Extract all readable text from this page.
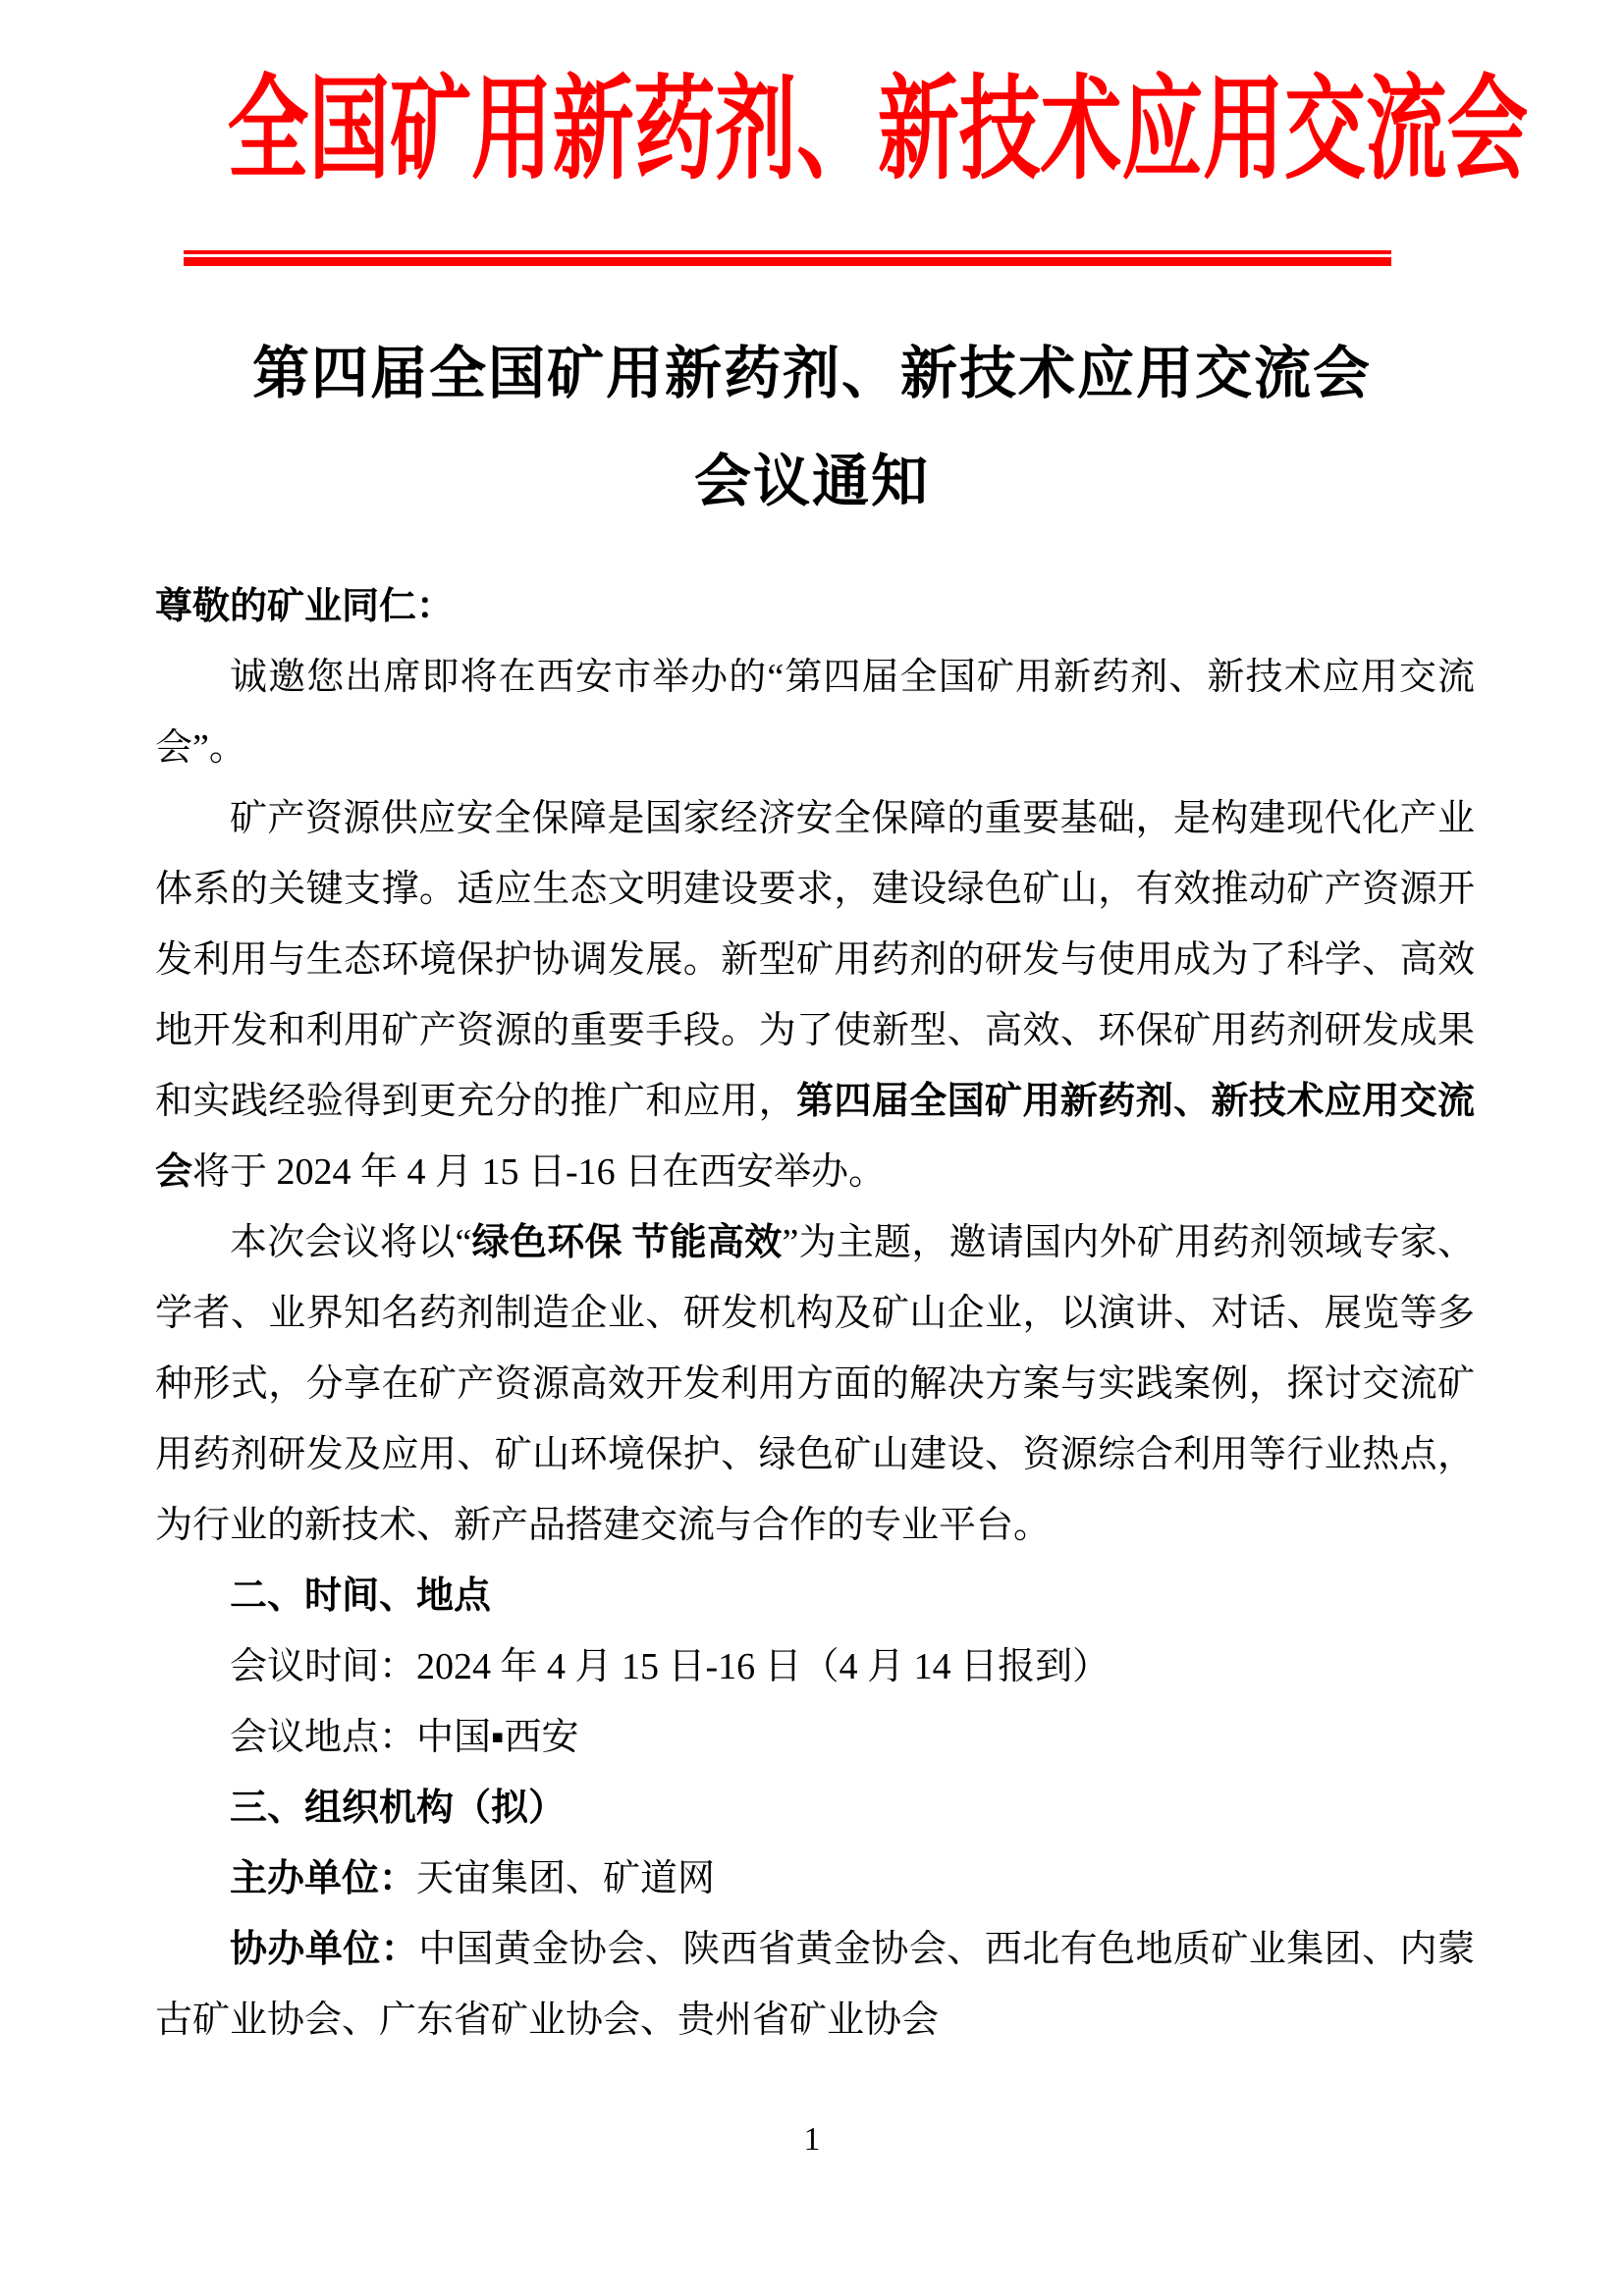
全国矿用新药剂、新技术应用交流会
第四届全国矿用新药剂、新技术应用交流会
会议通知

尊敬的矿业同仁：

诚邀您出席即将在西安市举办的“第四届全国矿用新药剂、新技术应用交流会”。

矿产资源供应安全保障是国家经济安全保障的重要基础，是构建现代化产业体系的关键支撑。适应生态文明建设要求，建设绿色矿山，有效推动矿产资源开发利用与生态环境保护协调发展。新型矿用药剂的研发与使用成为了科学、高效地开发和利用矿产资源的重要手段。为了使新型、高效、环保矿用药剂研发成果和实践经验得到更充分的推广和应用，第四届全国矿用新药剂、新技术应用交流会将于 2024 年 4 月 15 日-16 日在西安举办。

本次会议将以“绿色环保 节能高效”为主题，邀请国内外矿用药剂领域专家、学者、业界知名药剂制造企业、研发机构及矿山企业，以演讲、对话、展览等多种形式，分享在矿产资源高效开发利用方面的解决方案与实践案例，探讨交流矿用药剂研发及应用、矿山环境保护、绿色矿山建设、资源综合利用等行业热点，为行业的新技术、新产品搭建交流与合作的专业平台。

二、时间、地点

会议时间：2024 年 4 月 15 日-16 日（4 月 14 日报到）

会议地点：中国▪西安

三、组织机构（拟）

主办单位：天宙集团、矿道网

协办单位：中国黄金协会、陕西省黄金协会、西北有色地质矿业集团、内蒙古矿业协会、广东省矿业协会、贵州省矿业协会

1
